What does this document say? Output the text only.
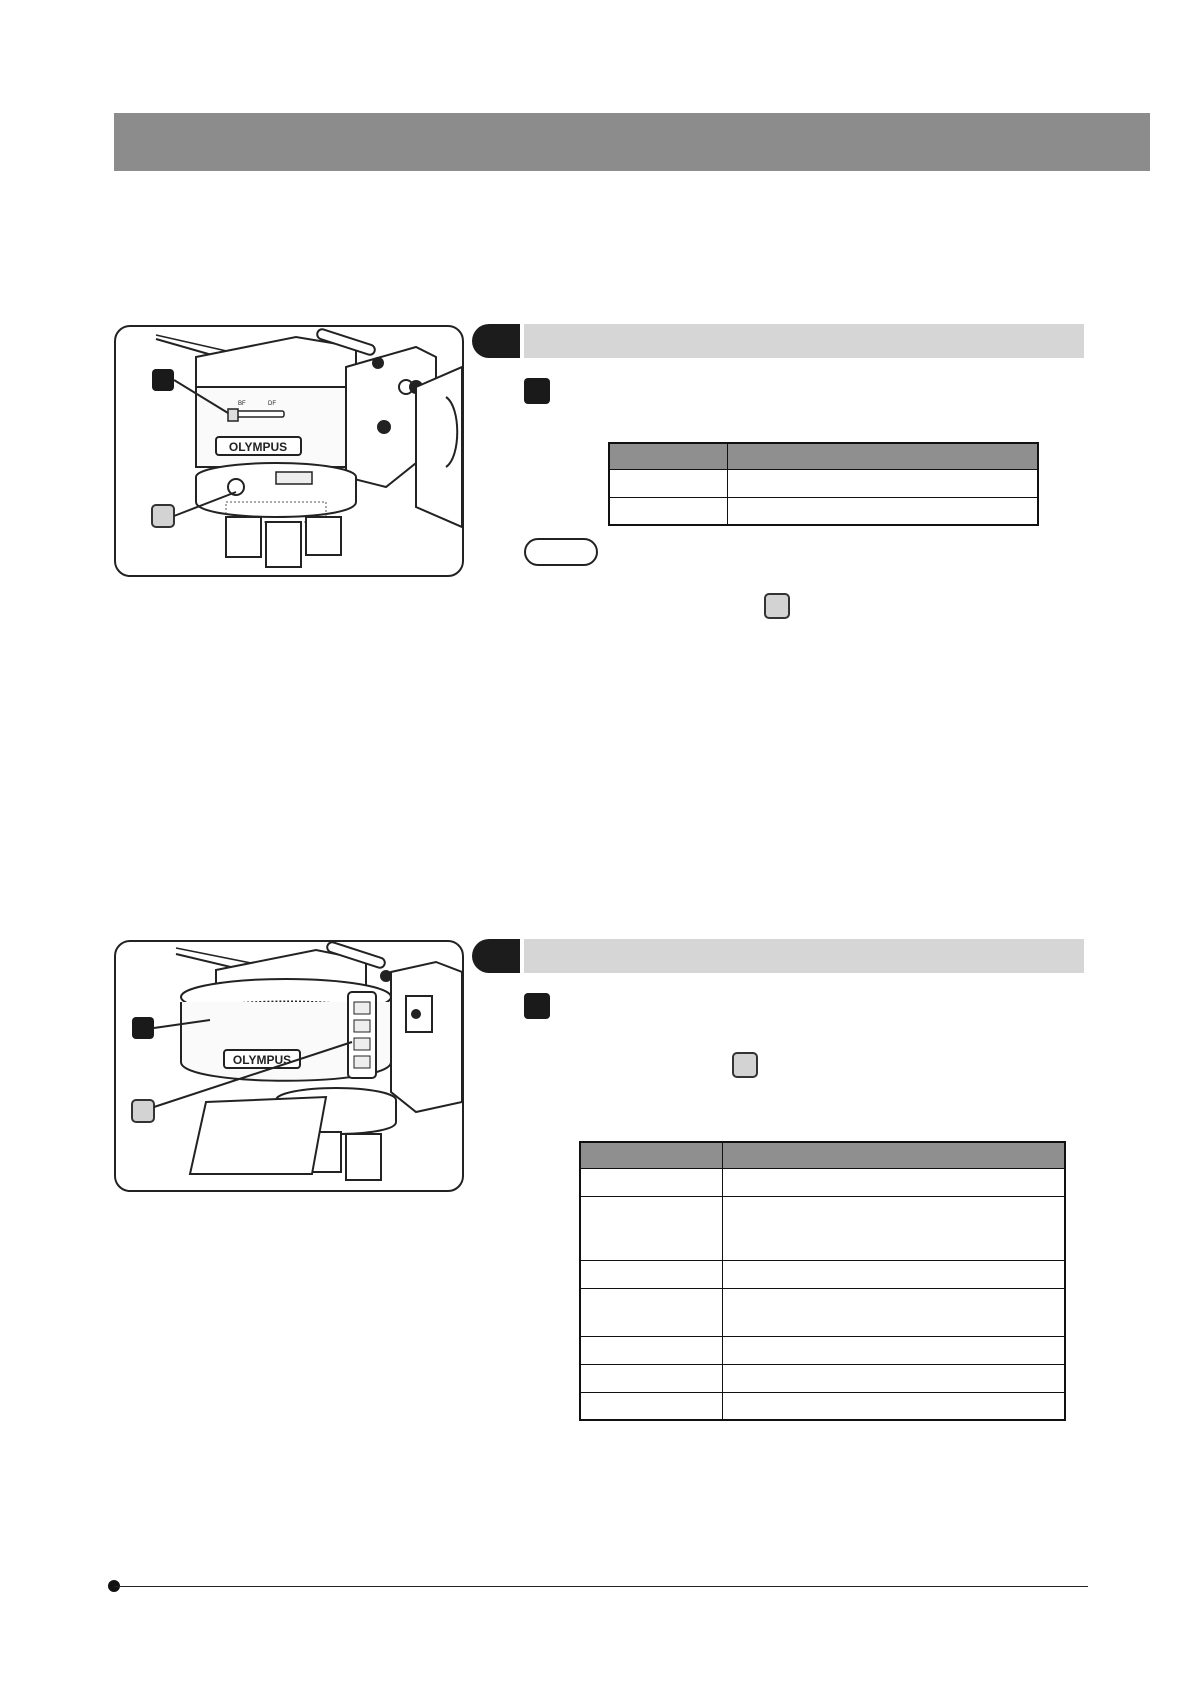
OLYMPUS
BF	DF

OLYMPUS
